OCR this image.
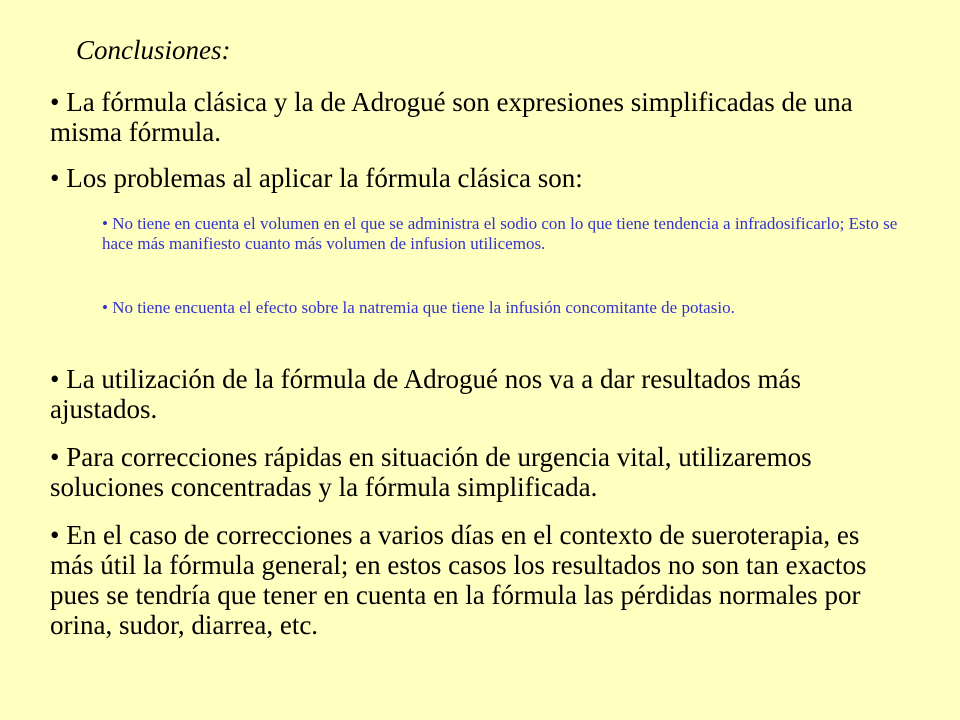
Conclusiones:
• La fórmula clásica y la de Adrogué son expresiones simplificadas de una misma fórmula.
• Los problemas al aplicar la fórmula clásica son:
• No tiene en cuenta el volumen en el que se administra el sodio con lo que tiene tendencia a infradosificarlo; Esto se hace más manifiesto cuanto más volumen de infusion utilicemos.
• No tiene encuenta el efecto sobre la natremia que tiene la infusión concomitante de potasio.
• La utilización de la fórmula de Adrogué nos va a dar resultados más ajustados.
• Para correcciones rápidas en situación de urgencia vital, utilizaremos soluciones concentradas y la fórmula simplificada.
• En el caso de correcciones a varios días en el contexto de sueroterapia, es más útil la fórmula general; en estos casos los resultados no son tan exactos pues se tendría que tener en cuenta en la fórmula las pérdidas normales por orina, sudor, diarrea, etc.
